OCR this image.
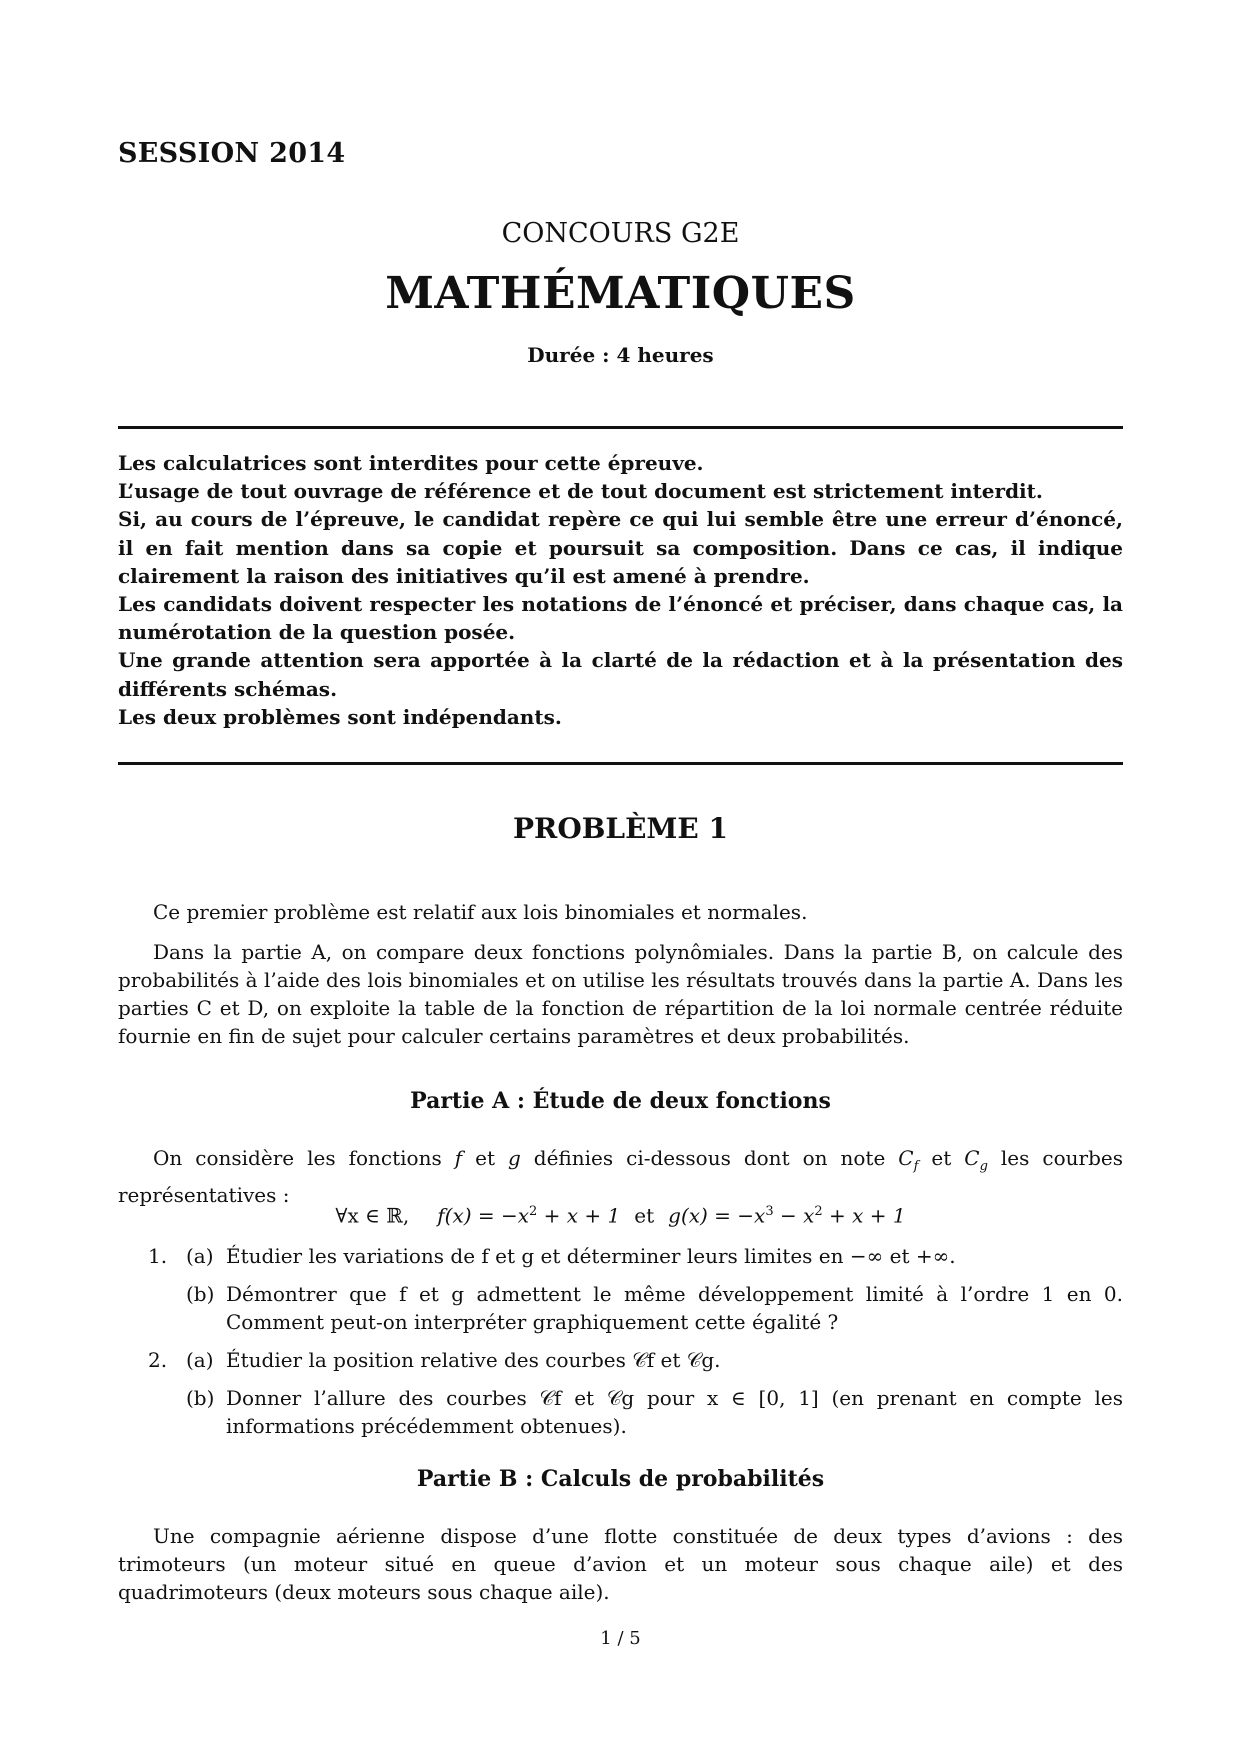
SESSION 2014
CONCOURS G2E
MATHÉMATIQUES
Durée : 4 heures

Les calculatrices sont interdites pour cette épreuve.

L’usage de tout ouvrage de référence et de tout document est strictement interdit.

Si, au cours de l’épreuve, le candidat repère ce qui lui semble être une erreur d’énoncé, il en fait mention dans sa copie et poursuit sa composition. Dans ce cas, il indique clairement la raison des initiatives qu’il est amené à prendre.

Les candidats doivent respecter les notations de l’énoncé et préciser, dans chaque cas, la numérotation de la question posée.

Une grande attention sera apportée à la clarté de la rédaction et à la présentation des différents schémas.

Les deux problèmes sont indépendants.

PROBLÈME 1

Ce premier problème est relatif aux lois binomiales et normales.

Dans la partie A, on compare deux fonctions polynômiales. Dans la partie B, on calcule des probabilités à l’aide des lois binomiales et on utilise les résultats trouvés dans la partie A. Dans les parties C et D, on exploite la table de la fonction de répartition de la loi normale centrée réduite fournie en fin de sujet pour calculer certains paramètres et deux probabilités.

Partie A : Étude de deux fonctions

On considère les fonctions f et g définies ci-dessous dont on note $C_f$ et $C_g$ les courbes représentatives :

∀x ∈ ℝ, $f(x) = -x^2 + x + 1$ et $g(x) = -x^3 - x^2 + x + 1$
1. (a) Étudier les variations de f et g et déterminer leurs limites en −∞ et +∞.
(b) Démontrer que f et g admettent le même développement limité à l’ordre 1 en 0. Comment peut-on interpréter graphiquement cette égalité ?
2. (a) Étudier la position relative des courbes 𝒞f et 𝒞g.
(b) Donner l’allure des courbes 𝒞f et 𝒞g pour x ∈ [0, 1] (en prenant en compte les informations précédemment obtenues).
Partie B : Calculs de probabilités

Une compagnie aérienne dispose d’une flotte constituée de deux types d’avions : des trimoteurs (un moteur situé en queue d’avion et un moteur sous chaque aile) et des quadrimoteurs (deux moteurs sous chaque aile).

1 / 5
